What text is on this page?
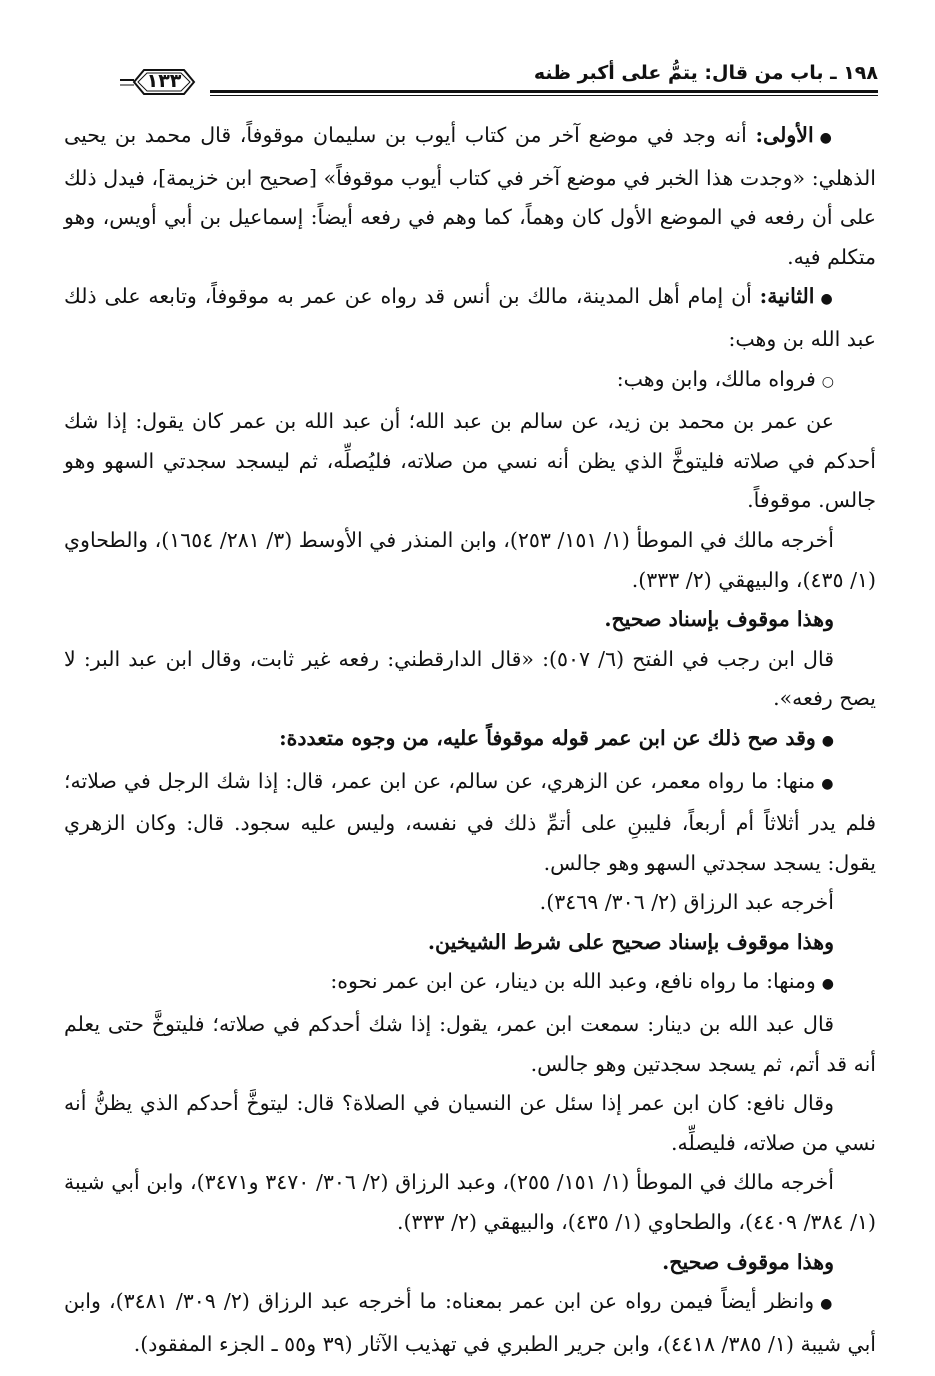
١٩٨ ـ باب من قال: يتمُّ على أكبر ظنه
١٣٣

●الأولى: أنه وجد في موضع آخر من كتاب أيوب بن سليمان موقوفاً، قال محمد بن يحيى الذهلي: «وجدت هذا الخبر في موضع آخر في كتاب أيوب موقوفاً» [صحيح ابن خزيمة]، فيدل ذلك على أن رفعه في الموضع الأول كان وهماً، كما وهم في رفعه أيضاً: إسماعيل بن أبي أويس، وهو متكلم فيه.

●الثانية: أن إمام أهل المدينة، مالك بن أنس قد رواه عن عمر به موقوفاً، وتابعه على ذلك عبد الله بن وهب:

○فرواه مالك، وابن وهب:

عن عمر بن محمد بن زيد، عن سالم بن عبد الله؛ أن عبد الله بن عمر كان يقول: إذا شك أحدكم في صلاته فليتوخَّ الذي يظن أنه نسي من صلاته، فليُصلِّه، ثم ليسجد سجدتي السهو وهو جالس. موقوفاً.

أخرجه مالك في الموطأ (١/ ١٥١/ ٢٥٣)، وابن المنذر في الأوسط (٣/ ٢٨١/ ١٦٥٤)، والطحاوي (١/ ٤٣٥)، والبيهقي (٢/ ٣٣٣).

وهذا موقوف بإسناد صحيح.

قال ابن رجب في الفتح (٦/ ٥٠٧): «قال الدارقطني: رفعه غير ثابت، وقال ابن عبد البر: لا يصح رفعه».

●وقد صح ذلك عن ابن عمر قوله موقوفاً عليه، من وجوه متعددة:

●منها: ما رواه معمر، عن الزهري، عن سالم، عن ابن عمر، قال: إذا شك الرجل في صلاته؛ فلم يدر أثلاثاً أم أربعاً، فليبنِ على أتمِّ ذلك في نفسه، وليس عليه سجود. قال: وكان الزهري يقول: يسجد سجدتي السهو وهو جالس.

أخرجه عبد الرزاق (٢/ ٣٠٦/ ٣٤٦٩).

وهذا موقوف بإسناد صحيح على شرط الشيخين.

●ومنها: ما رواه نافع، وعبد الله بن دينار، عن ابن عمر نحوه:

قال عبد الله بن دينار: سمعت ابن عمر، يقول: إذا شك أحدكم في صلاته؛ فليتوخَّ حتى يعلم أنه قد أتم، ثم يسجد سجدتين وهو جالس.

وقال نافع: كان ابن عمر إذا سئل عن النسيان في الصلاة؟ قال: ليتوخَّ أحدكم الذي يظنُّ أنه نسي من صلاته، فليصلِّه.

أخرجه مالك في الموطأ (١/ ١٥١/ ٢٥٥)، وعبد الرزاق (٢/ ٣٠٦/ ٣٤٧٠ و٣٤٧١)، وابن أبي شيبة (١/ ٣٨٤/ ٤٤٠٩)، والطحاوي (١/ ٤٣٥)، والبيهقي (٢/ ٣٣٣).

وهذا موقوف صحيح.

●وانظر أيضاً فيمن رواه عن ابن عمر بمعناه: ما أخرجه عبد الرزاق (٢/ ٣٠٩/ ٣٤٨١)، وابن أبي شيبة (١/ ٣٨٥/ ٤٤١٨)، وابن جرير الطبري في تهذيب الآثار (٣٩ و٥٥ ـ الجزء المفقود).
